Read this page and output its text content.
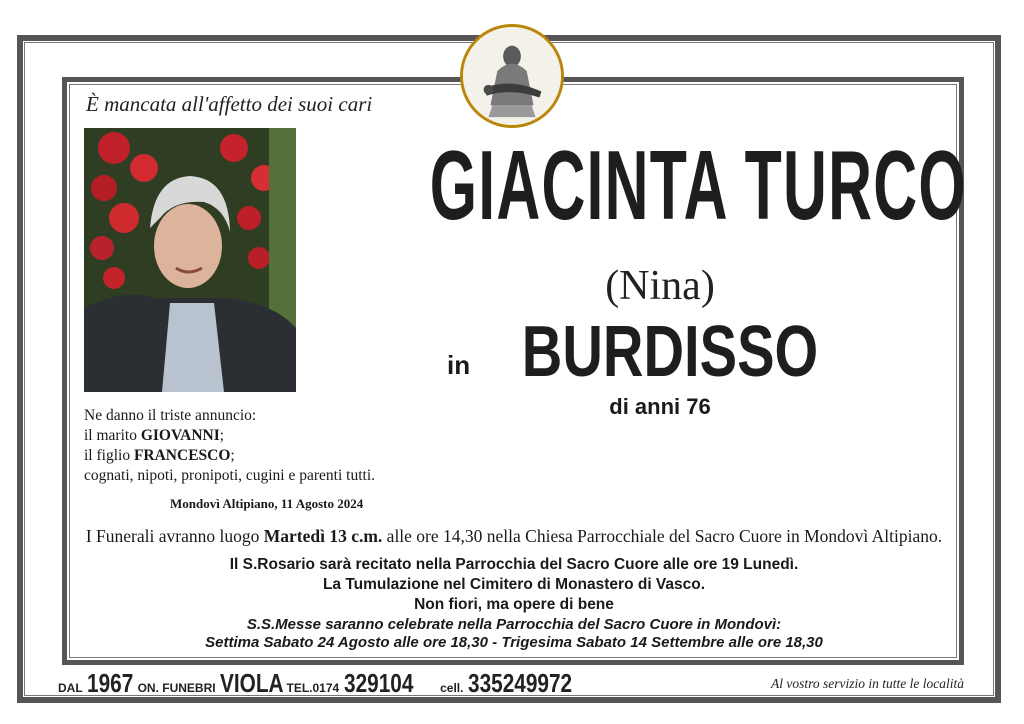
È mancata all'affetto dei suoi cari
GIACINTA TURCO
(Nina)
in BURDISSO
di anni 76
Ne danno il triste annuncio:
il marito GIOVANNI;
il figlio FRANCESCO;
cognati, nipoti, pronipoti, cugini e parenti tutti.
Mondovì Altipiano, 11 Agosto 2024
I Funerali avranno luogo Martedì 13 c.m. alle ore 14,30 nella Chiesa Parrocchiale del Sacro Cuore in Mondovì Altipiano.
Il S.Rosario sarà recitato nella Parrocchia del Sacro Cuore alle ore 19 Lunedì.
La Tumulazione nel Cimitero di Monastero di Vasco.
Non fiori, ma opere di bene
S.S.Messe saranno celebrate nella Parrocchia del Sacro Cuore in Mondovì:
Settima Sabato 24 Agosto alle ore 18,30 - Trigesima Sabato 14 Settembre alle ore 18,30
DAL 1967 ON. FUNEBRI VIOLA TEL.0174 329104 cell. 335249972	Al vostro servizio in tutte le località
